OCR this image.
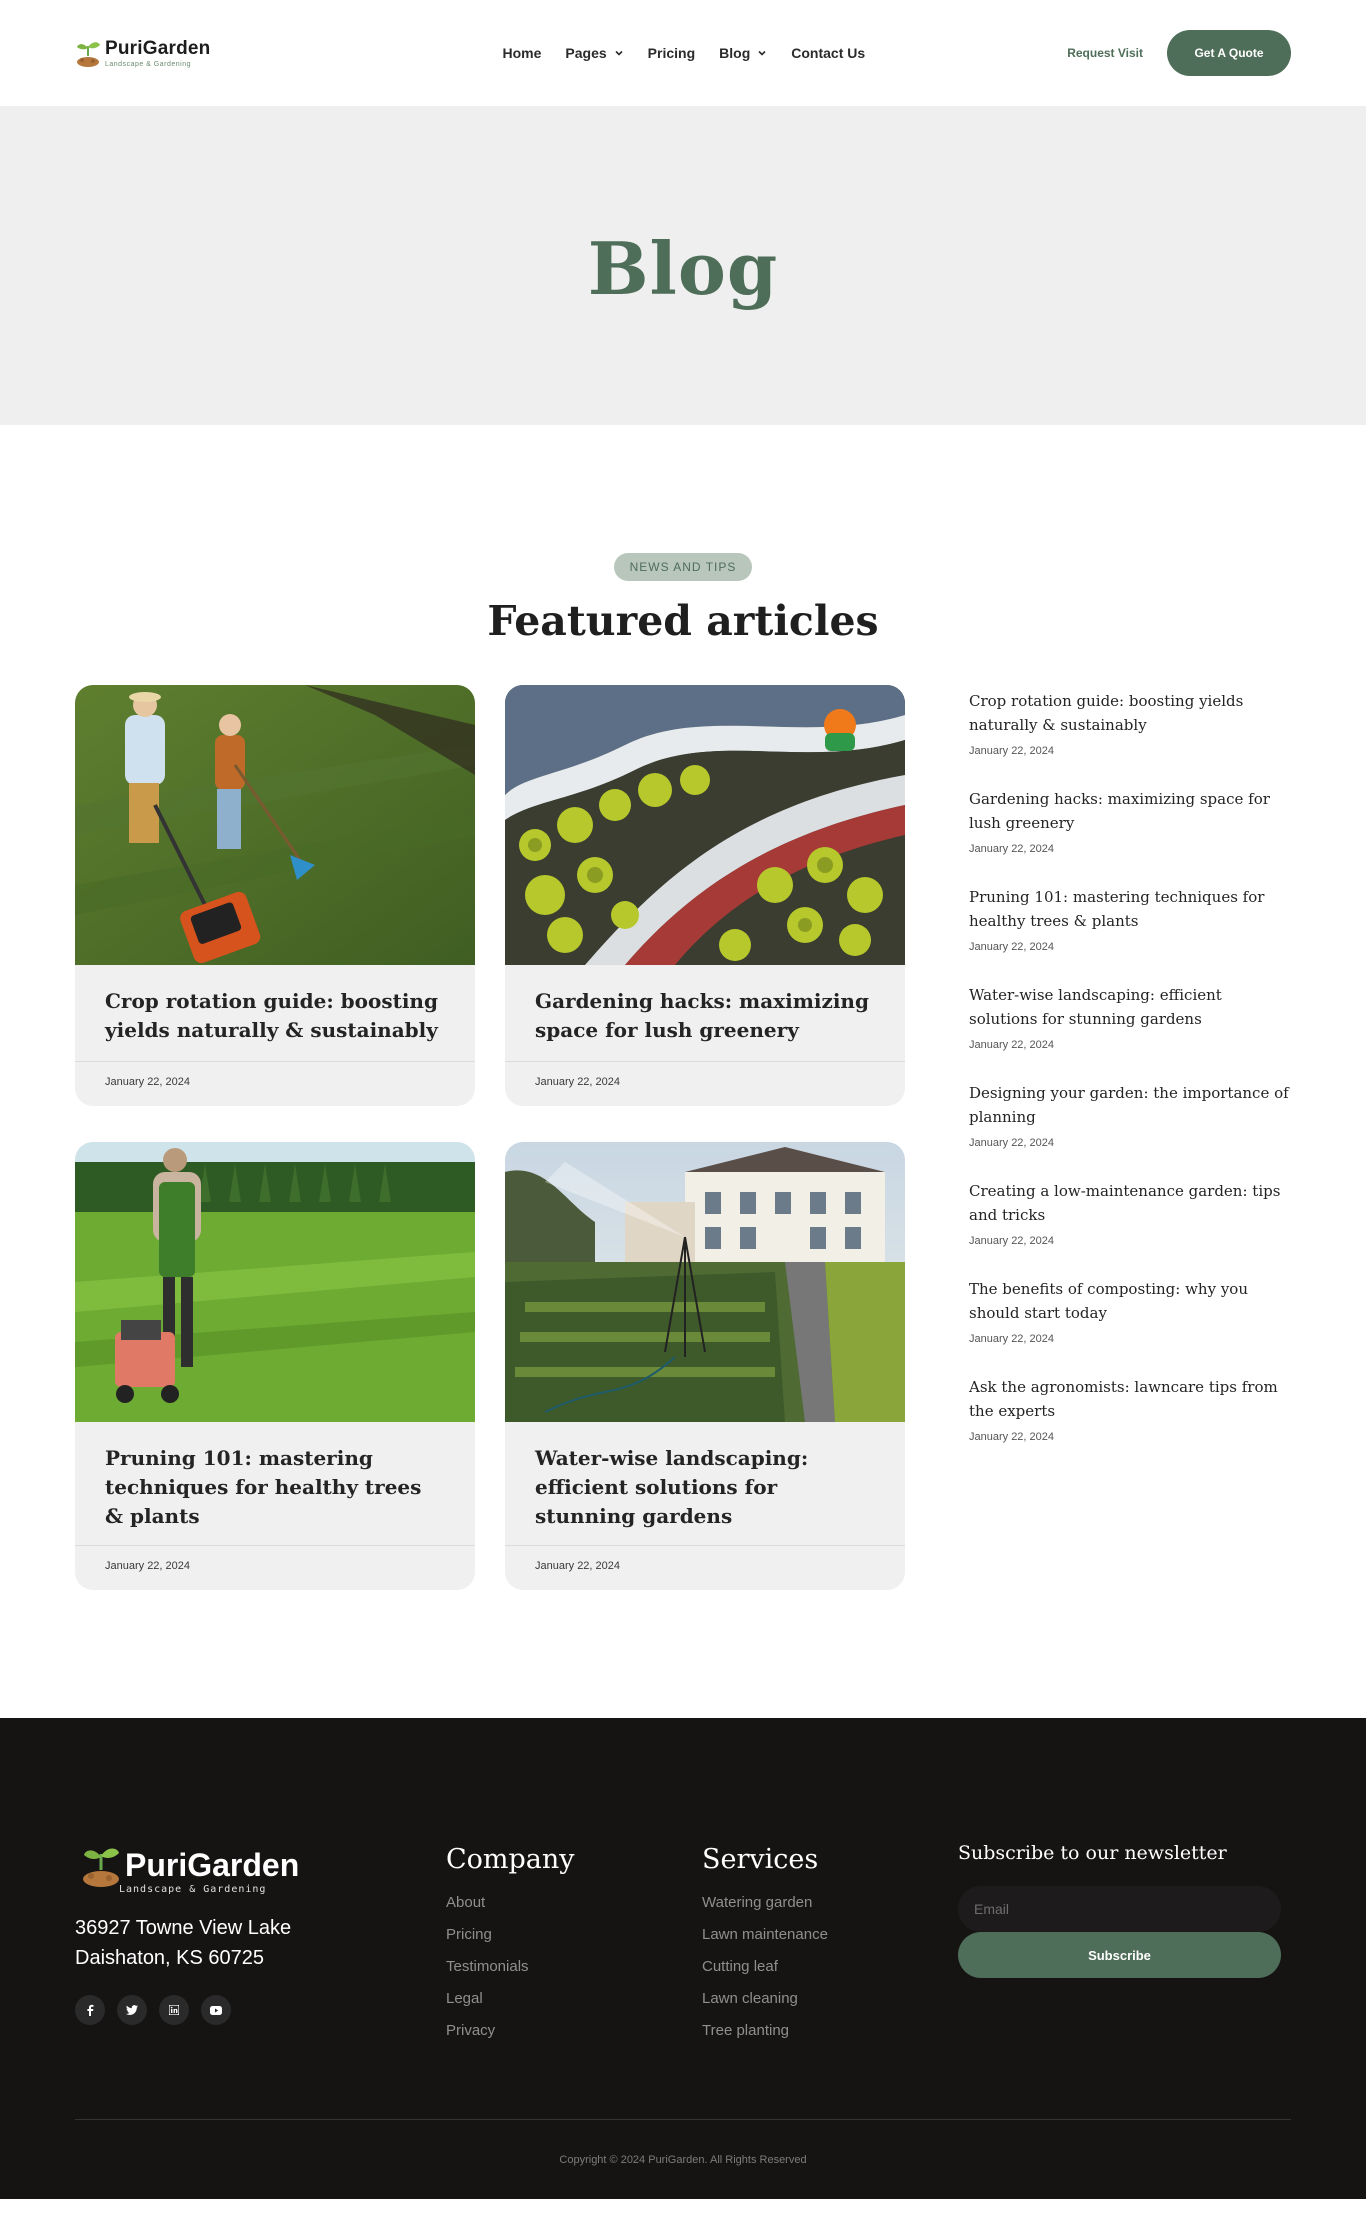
PuriGarden
Landscape & Gardening
Home Pages	Pricing Blog	Contact Us	Request Visit	Get A Quote
Blog
NEWS AND TIPS
Featured articles
Crop rotation guide: boosting yields naturally & sustainably
January 22, 2024
Gardening hacks: maximizing space for lush greenery
January 22, 2024
Pruning 101: mastering techniques for healthy trees & plants
January 22, 2024
Water-wise landscaping: efficient solutions for stunning gardens
January 22, 2024
Crop rotation guide: boosting yields naturally & sustainably
January 22, 2024
Gardening hacks: maximizing space for lush greenery
January 22, 2024
Pruning 101: mastering techniques for healthy trees & plants
January 22, 2024
Water-wise landscaping: efficient solutions for stunning gardens
January 22, 2024
Designing your garden: the importance of planning
January 22, 2024
Creating a low-maintenance garden: tips and tricks
January 22, 2024
The benefits of composting: why you should start today
January 22, 2024
Ask the agronomists: lawncare tips from the experts
January 22, 2024
PuriGarden
Landscape & Gardening
36927 Towne View Lake Daishaton, KS 60725
Company
About
Pricing
Testimonials
Legal
Privacy
Services
Watering garden
Lawn maintenance
Cutting leaf
Lawn cleaning
Tree planting
Subscribe to our newsletter
Email Subscribe
Copyright © 2024 PuriGarden. All Rights Reserved
